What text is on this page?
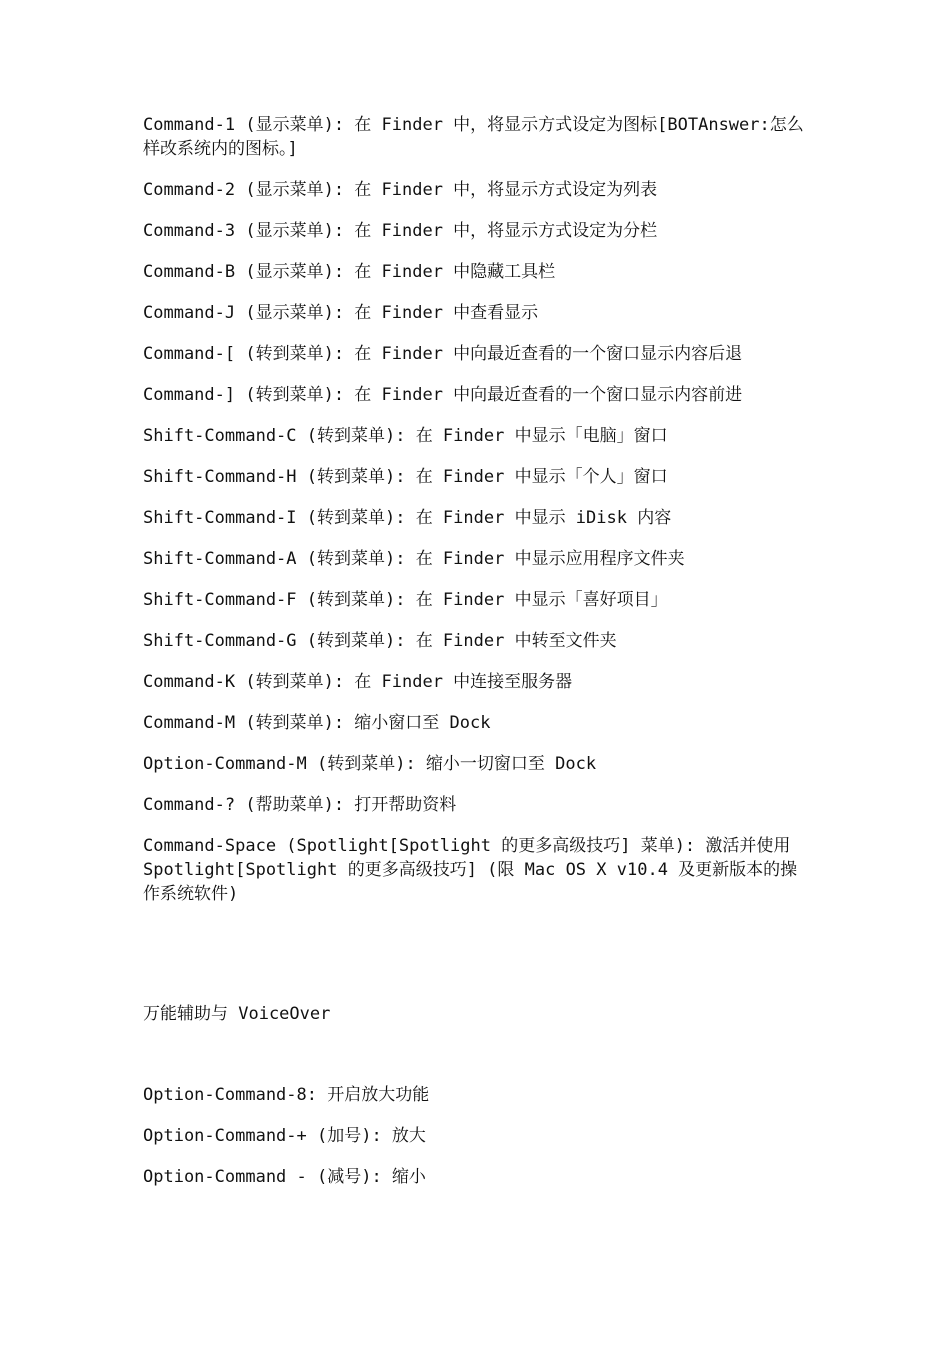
Command-1 (显示菜单): 在 Finder 中，将显示方式设定为图标[BOTAnswer:怎么样改系统内的图标。]

Command-2 (显示菜单): 在 Finder 中，将显示方式设定为列表

Command-3 (显示菜单): 在 Finder 中，将显示方式设定为分栏

Command-B (显示菜单): 在 Finder 中隐藏工具栏

Command-J (显示菜单): 在 Finder 中查看显示

Command-[ (转到菜单): 在 Finder 中向最近查看的一个窗口显示内容后退

Command-] (转到菜单): 在 Finder 中向最近查看的一个窗口显示内容前进

Shift-Command-C (转到菜单): 在 Finder 中显示「电脑」窗口

Shift-Command-H (转到菜单): 在 Finder 中显示「个人」窗口

Shift-Command-I (转到菜单): 在 Finder 中显示 iDisk 内容

Shift-Command-A (转到菜单): 在 Finder 中显示应用程序文件夹

Shift-Command-F (转到菜单): 在 Finder 中显示「喜好项目」

Shift-Command-G (转到菜单): 在 Finder 中转至文件夹

Command-K (转到菜单): 在 Finder 中连接至服务器

Command-M (转到菜单): 缩小窗口至 Dock

Option-Command-M (转到菜单): 缩小一切窗口至 Dock

Command-? (帮助菜单): 打开帮助资料

Command-Space (Spotlight[Spotlight 的更多高级技巧] 菜单): 激活并使用 Spotlight[Spotlight 的更多高级技巧] (限 Mac OS X v10.4 及更新版本的操作系统软件)

万能辅助与 VoiceOver

Option-Command-8: 开启放大功能

Option-Command-+ (加号): 放大

Option-Command - (减号): 缩小
